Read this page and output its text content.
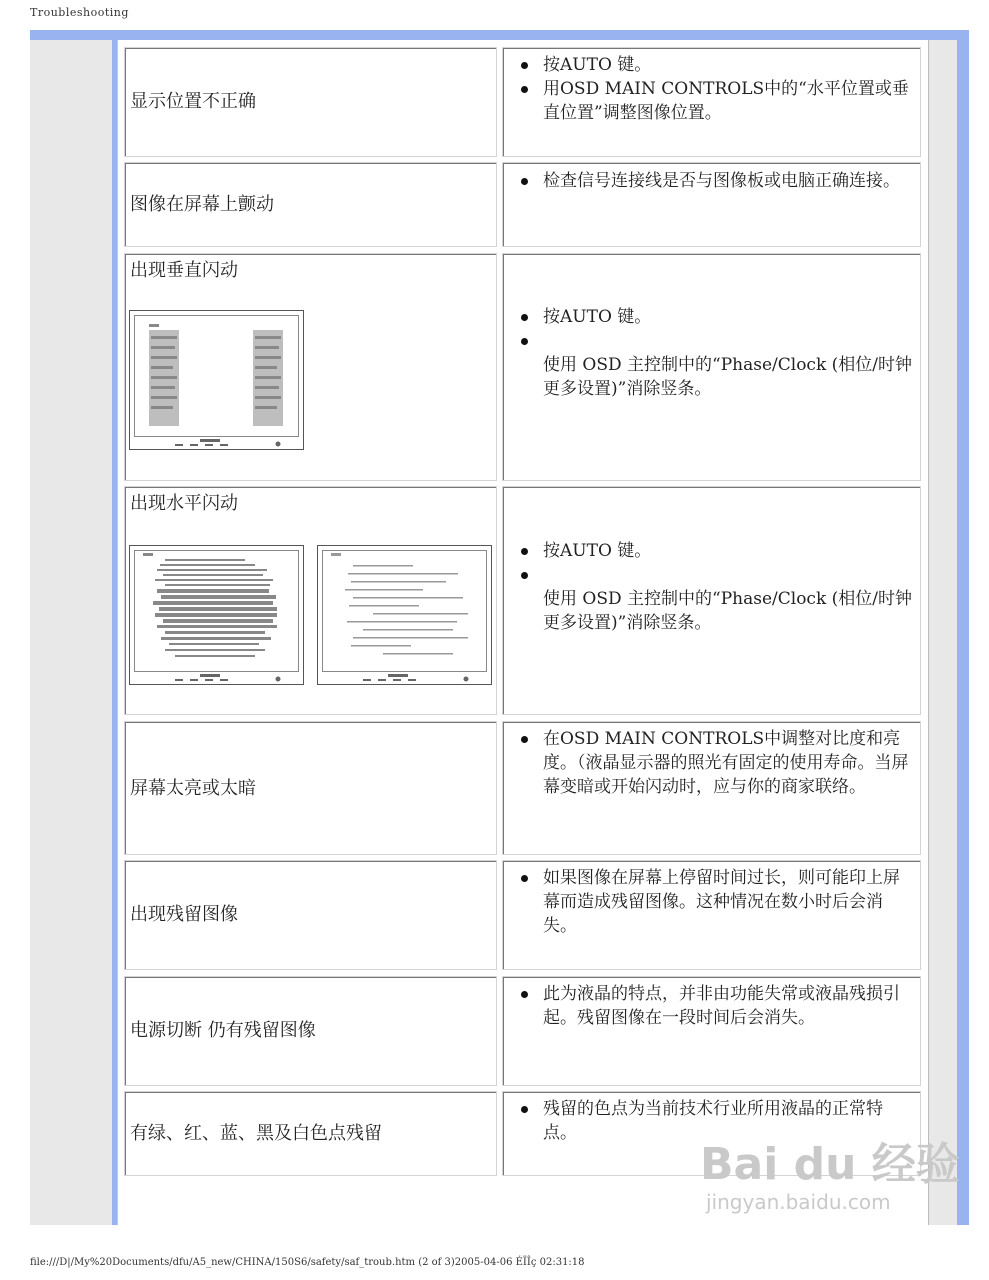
Troubleshooting
显示位置不正确
按AUTO 键。
用OSD MAIN CONTROLS中的“水平位置或垂直位置”调整图像位置。
图像在屏幕上颤动
检查信号连接线是否与图像板或电脑正确连接。
出现垂直闪动
按AUTO 键。
使用 OSD 主控制中的“Phase/Clock (相位/时钟更多设置)”消除竖条。
出现水平闪动
按AUTO 键。
使用 OSD 主控制中的“Phase/Clock (相位/时钟更多设置)”消除竖条。
屏幕太亮或太暗
在OSD MAIN CONTROLS中调整对比度和亮度。（液晶显示器的照光有固定的使用寿命。当屏幕变暗或开始闪动时，应与你的商家联络。
出现残留图像
如果图像在屏幕上停留时间过长，则可能印上屏幕而造成残留图像。这种情况在数小时后会消失。
电源切断 仍有残留图像
此为液晶的特点，并非由功能失常或液晶残损引起。残留图像在一段时间后会消失。
有绿、红、蓝、黑及白色点残留
残留的色点为当前技术行业所用液晶的正常特点。
Bai du 经验
jingyan.baidu.com
file:///D|/My%20Documents/dfu/A5_new/CHINA/150S6/safety/saf_troub.htm (2 of 3)2005-04-06 ÉÏÎç 02:31:18
